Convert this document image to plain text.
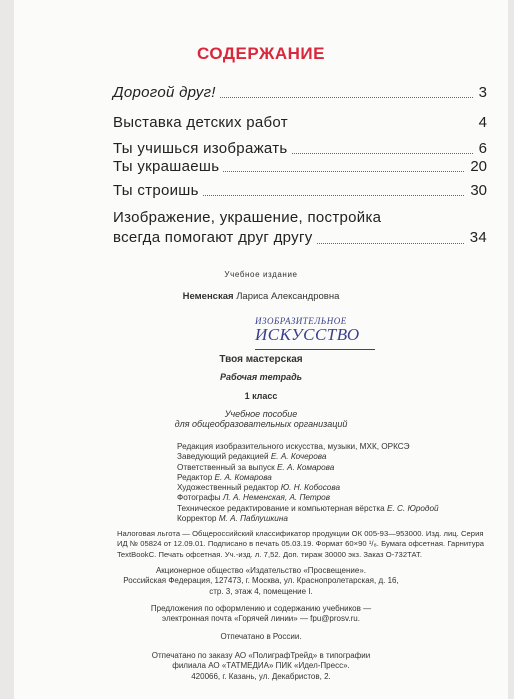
СОДЕРЖАНИЕ
Дорогой друг!	3
Выставка детских работ	4
Ты учишься изображать	6
Ты украшаешь	20
Ты строишь	30
Изображение, украшение, постройка
всегда помогают друг другу	34
Учебное издание
Неменская Лариса Александровна
ИЗОБРАЗИТЕЛЬНОЕ
ИСКУССТВО
Твоя мастерская
Рабочая тетрадь
1 класс
Учебное пособие
для общеобразовательных организаций
Редакция изобразительного искусства, музыки, МХК, ОРКСЭ
Заведующий редакцией Е. А. Кочерова
Ответственный за выпуск Е. А. Комарова
Редактор Е. А. Комарова
Художественный редактор Ю. Н. Кобосова
Фотографы Л. А. Неменская, А. Петров
Техническое редактирование и компьютерная вёрстка Е. С. Юродой
Корректор М. А. Паблушкина
Налоговая льгота — Общероссийский классификатор продукции ОК 005-93—953000. Изд. лиц. Серия
ИД № 05824 от 12.09.01. Подписано в печать 05.03.19. Формат 60×90 ¹/₈. Бумага офсетная. Гарнитура
TextBookC. Печать офсетная. Уч.-изд. л. 7,52. Доп. тираж 30000 экз. Заказ О-732ТАТ.
Акционерное общество «Издательство «Просвещение».
Российская Федерация, 127473, г. Москва, ул. Краснопролетарская, д. 16,
стр. 3, этаж 4, помещение I.
Предложения по оформлению и содержанию учебников —
электронная почта «Горячей линии» — fpu@prosv.ru.
Отпечатано в России.
Отпечатано по заказу АО «ПолиграфТрейд» в типографии
филиала АО «ТАТМЕДИА» ПИК «Идел-Пресс».
420066, г. Казань, ул. Декабристов, 2.
